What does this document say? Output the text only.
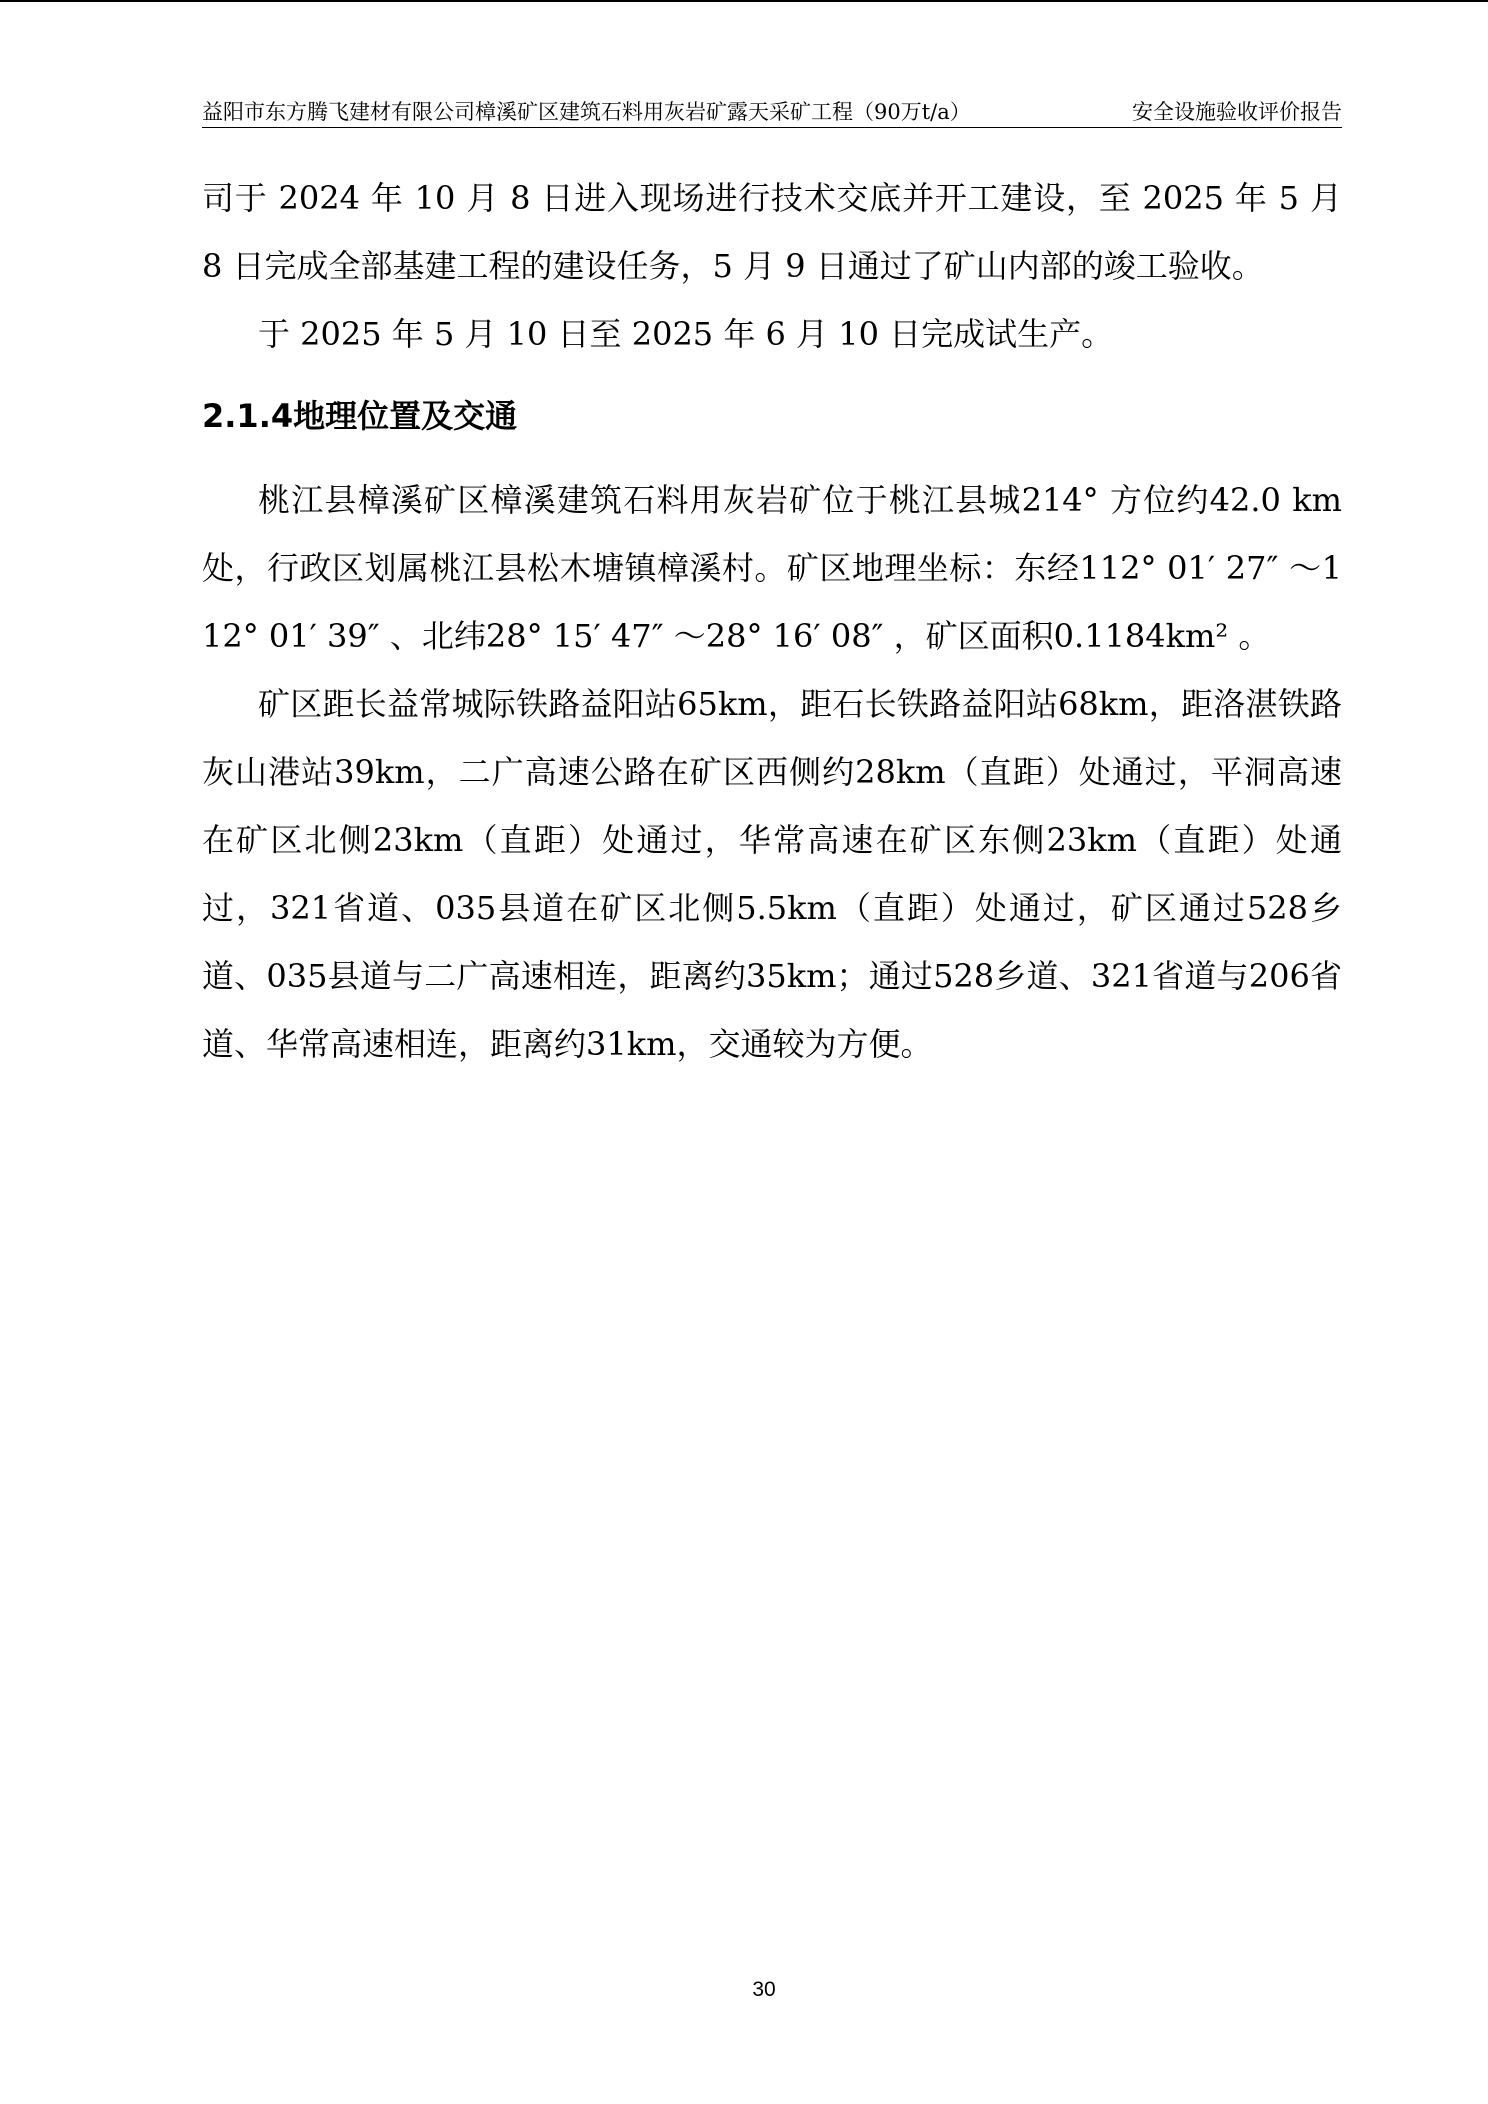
益阳市东方腾飞建材有限公司樟溪矿区建筑石料用灰岩矿露天采矿工程（90万t/a）	安全设施验收评价报告

司于 2024 年 10 月 8 日进入现场进行技术交底并开工建设，至 2025 年 5 月 8 日完成全部基建工程的建设任务，5 月 9 日通过了矿山内部的竣工验收。

于 2025 年 5 月 10 日至 2025 年 6 月 10 日完成试生产。

2.1.4地理位置及交通

桃江县樟溪矿区樟溪建筑石料用灰岩矿位于桃江县城214° 方位约42.0 km 处，行政区划属桃江县松木塘镇樟溪村。矿区地理坐标：东经112° 01′ 27″ ～112° 01′ 39″ 、北纬28° 15′ 47″ ～28° 16′ 08″ ，矿区面积0.1184km² 。

矿区距长益常城际铁路益阳站65km，距石长铁路益阳站68km，距洛湛铁路灰山港站39km，二广高速公路在矿区西侧约28km（直距）处通过，平洞高速在矿区北侧23km（直距）处通过，华常高速在矿区东侧23km（直距）处通过，321省道、035县道在矿区北侧5.5km（直距）处通过，矿区通过528乡道、035县道与二广高速相连，距离约35km；通过528乡道、321省道与206省道、华常高速相连，距离约31km，交通较为方便。

30
